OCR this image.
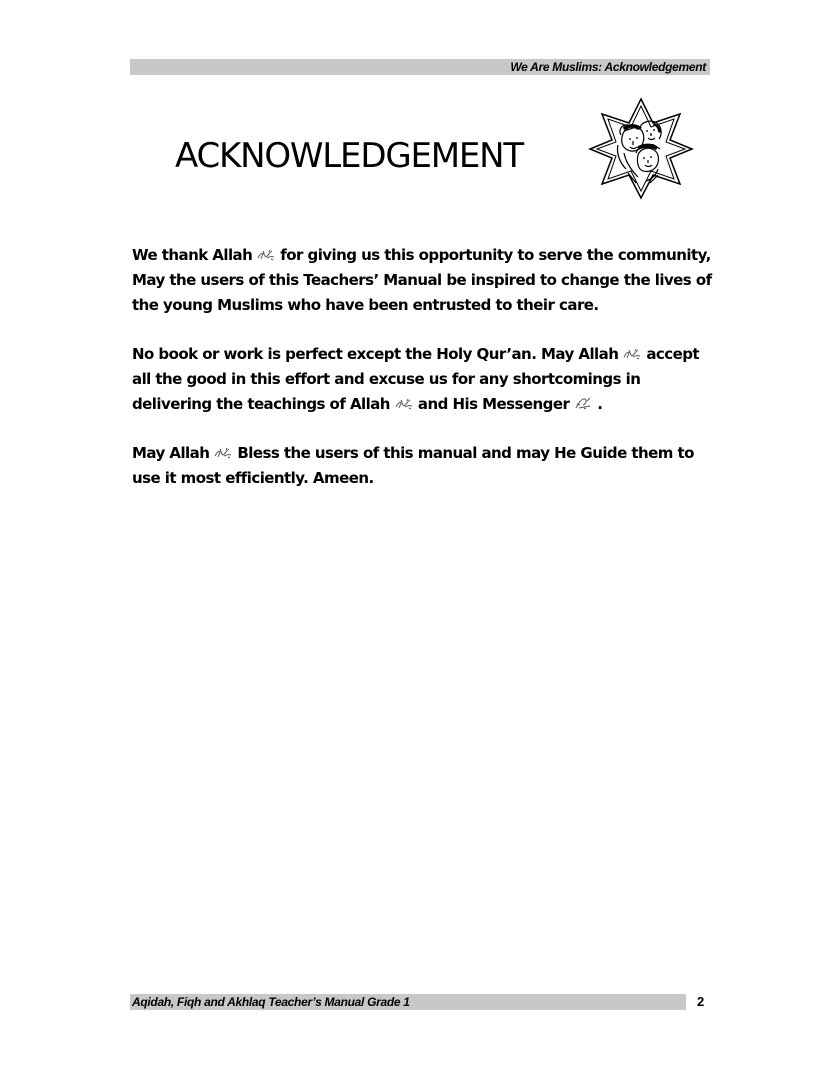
We Are Muslims: Acknowledgement
ACKNOWLEDGEMENT

We thank Allah for giving us this opportunity to serve the community, May the users of this Teachers’ Manual be inspired to change the lives of the young Muslims who have been entrusted to their care.

No book or work is perfect except the Holy Qur’an. May Allah accept all the good in this effort and excuse us for any shortcomings in delivering the teachings of Allah and His Messenger .

May Allah Bless the users of this manual and may He Guide them to use it most efficiently. Ameen.

Aqidah, Fiqh and Akhlaq Teacher’s Manual Grade 1	2
